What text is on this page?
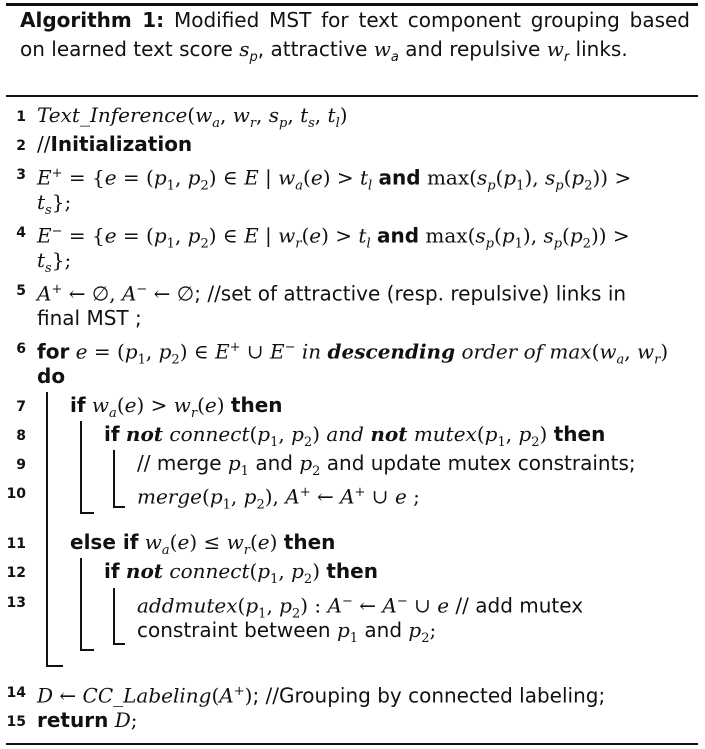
Algorithm 1: Modified MST for text component grouping based on learned text score $s_p$, attractive $w_a$ and repulsive $w_r$ links.
1 $Text\_Inference(w_a$, $w_r$, $s_p$, $t_s$, $t_l$)
2 //Initialization
3 $E^+ = \{e = (p_1$, $p_2$) ∈ E | $w_a(e) > t_l$ and $\max(s_p(p_1)$, $s_p(p_2)$) >
$t_s$};
4 $E^- = \{e = (p_1$, $p_2$) ∈ E | $w_r(e) > t_l$ and $\max(s_p(p_1)$, $s_p(p_2)$) >
$t_s$};
5 A+ ← ∅, A− ← ∅; //set of attractive (resp. repulsive) links in
final MST ;
6 for $e = (p_1$, $p_2$) ∈ E+ ∪ E− in descending order of $\max(w_a$, $w_r$)
do
7 if $w_a(e) > w_r(e)$ then
8	if not $connect(p_1$, $p_2$) and not $mutex(p_1$, $p_2$) then
9	// merge $p_1$ and $p_2$ and update mutex constraints;
10	$merge(p_1$, $p_2$), A+ ← A+ ∪ e ;
11 else if $w_a(e) \le w_r(e)$ then
12	if not $connect(p_1$, $p_2$) then
13	$addmutex(p_1$, $p_2$) : A− ← A− ∪ e // add mutex
constraint between $p_1$ and $p_2$;
14 D ← CC_Labeling(A+); //Grouping by connected labeling;
15 return D;
